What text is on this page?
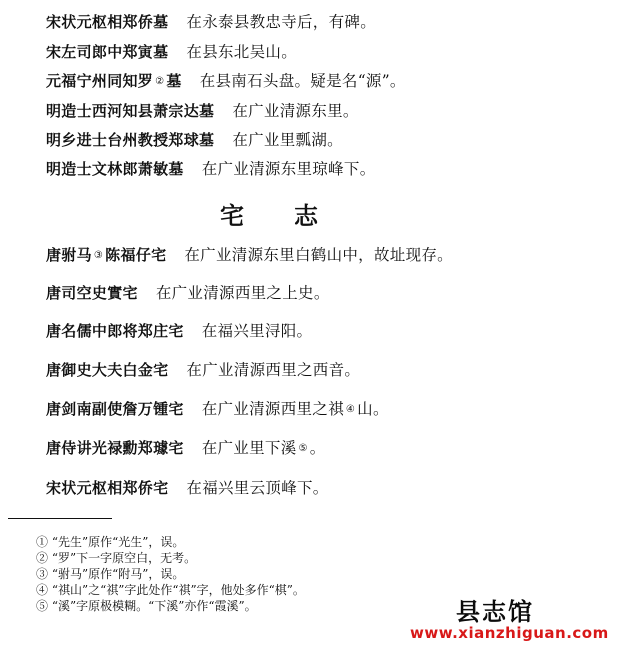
宋状元枢相郑侨墓 在永泰县教忠寺后，有碑。
宋左司郎中郑寅墓 在县东北吴山。
元福宁州同知罗 ② 墓 在县南石头盘。疑是名“源”。
明造士西河知县萧宗达墓 在广业清源东里。
明乡进士台州教授郑球墓 在广业里瓢湖。
明造士文林郎萧敏墓 在广业清源东里琼峰下。
宅志
唐驸马 ③ 陈福仔宅 在广业清源东里白鹤山中，故址现存。
唐司空史實宅 在广业清源西里之上史。
唐名儒中郎将郑庄宅 在福兴里浔阳。
唐御史大夫白金宅 在广业清源西里之西音。
唐剑南副使詹万锺宅 在广业清源西里之祺 ④ 山。
唐侍讲光禄勳郑璩宅 在广业里下溪 ⑤ 。
宋状元枢相郑侨宅 在福兴里云顶峰下。
① “先生”原作“光生”，误。
② “罗”下一字原空白，无考。
③ “驸马”原作“附马”，误。
④ “祺山”之“祺”字此处作“祺”字，他处多作“棋”。
⑤ “溪”字原极模糊。“下溪”亦作“霞溪”。	县志馆
www.xianzhiguan.com
